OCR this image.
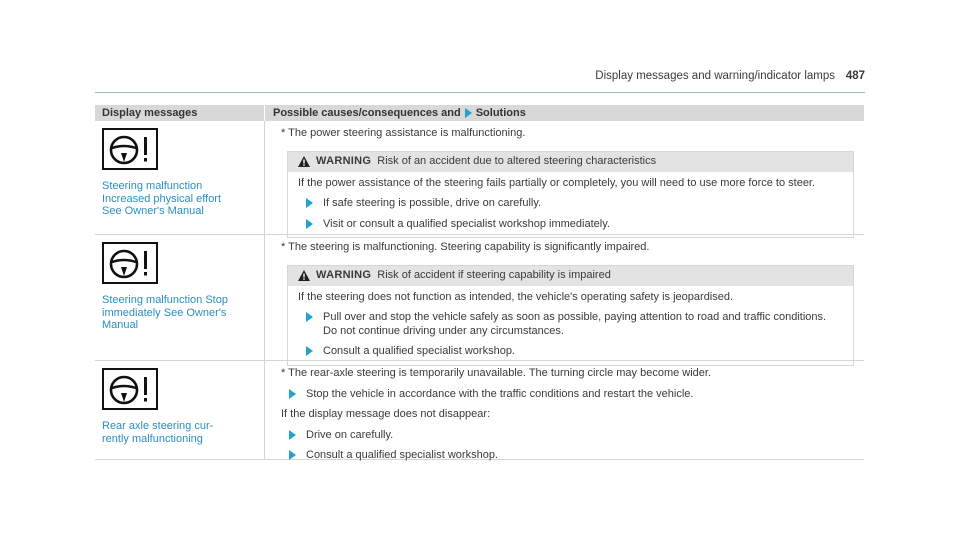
Display messages and warning/indicator lamps 487
Display messages	Possible causes/consequences and Solutions
Steering malfunction
Increased physical effort
See Owner's Manual
* The power steering assistance is malfunctioning.
WARNING Risk of an accident due to altered steering characteristics
If the power assistance of the steering fails partially or completely, you will need to use more force to steer.
If safe steering is possible, drive on carefully.
Visit or consult a qualified specialist workshop immediately.
Steering malfunction Stop
immediately See Owner's
Manual
* The steering is malfunctioning. Steering capability is significantly impaired.
WARNING Risk of accident if steering capability is impaired
If the steering does not function as intended, the vehicle's operating safety is jeopardised.
Pull over and stop the vehicle safely as soon as possible, paying attention to road and traffic conditions. Do not continue driving under any circumstances.
Consult a qualified specialist workshop.
Rear axle steering cur-
rently malfunctioning
* The rear-axle steering is temporarily unavailable. The turning circle may become wider.
Stop the vehicle in accordance with the traffic conditions and restart the vehicle.
If the display message does not disappear:
Drive on carefully.
Consult a qualified specialist workshop.
